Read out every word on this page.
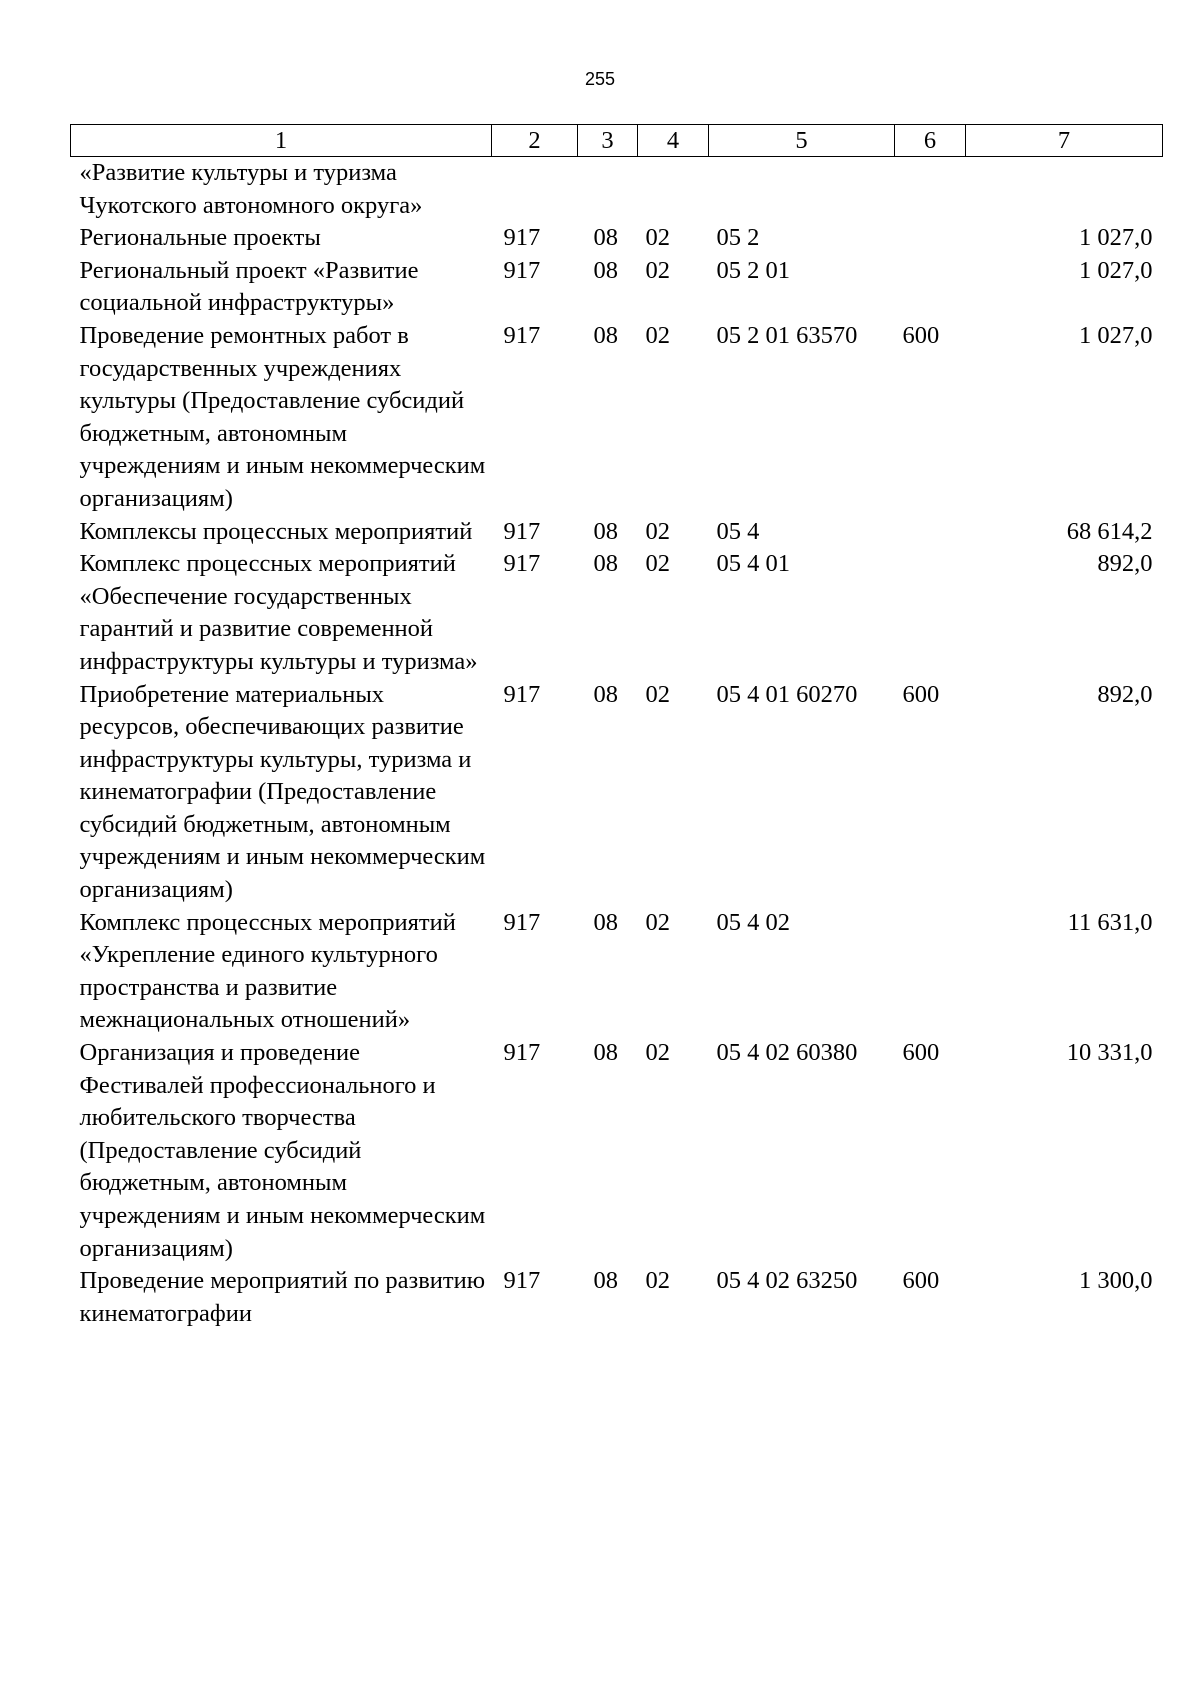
255
1	2	3	4	5	6	7
«Развитие культуры и туризма Чукотского автономного округа»						
Региональные проекты	917	08	02	05 2		1 027,0
Региональный проект «Развитие социальной инфраструктуры»	917	08	02	05 2 01		1 027,0
Проведение ремонтных работ в государственных учреждениях культуры (Предоставление субсидий бюджетным, автономным учреждениям и иным некоммерческим организациям)	917	08	02	05 2 01 63570	600	1 027,0
Комплексы процессных мероприятий	917	08	02	05 4		68 614,2
Комплекс процессных мероприятий «Обеспечение государственных гарантий и развитие современной инфраструктуры культуры и туризма»	917	08	02	05 4 01		892,0
Приобретение материальных ресурсов, обеспечивающих развитие инфраструктуры культуры, туризма и кинематографии (Предоставление субсидий бюджетным, автономным учреждениям и иным некоммерческим организациям)	917	08	02	05 4 01 60270	600	892,0
Комплекс процессных мероприятий «Укрепление единого культурного пространства и развитие межнациональных отношений»	917	08	02	05 4 02		11 631,0
Организация и проведение Фестивалей профессионального и любительского творчества (Предоставление субсидий бюджетным, автономным учреждениям и иным некоммерческим организациям)	917	08	02	05 4 02 60380	600	10 331,0
Проведение мероприятий по развитию кинематографии	917	08	02	05 4 02 63250	600	1 300,0
